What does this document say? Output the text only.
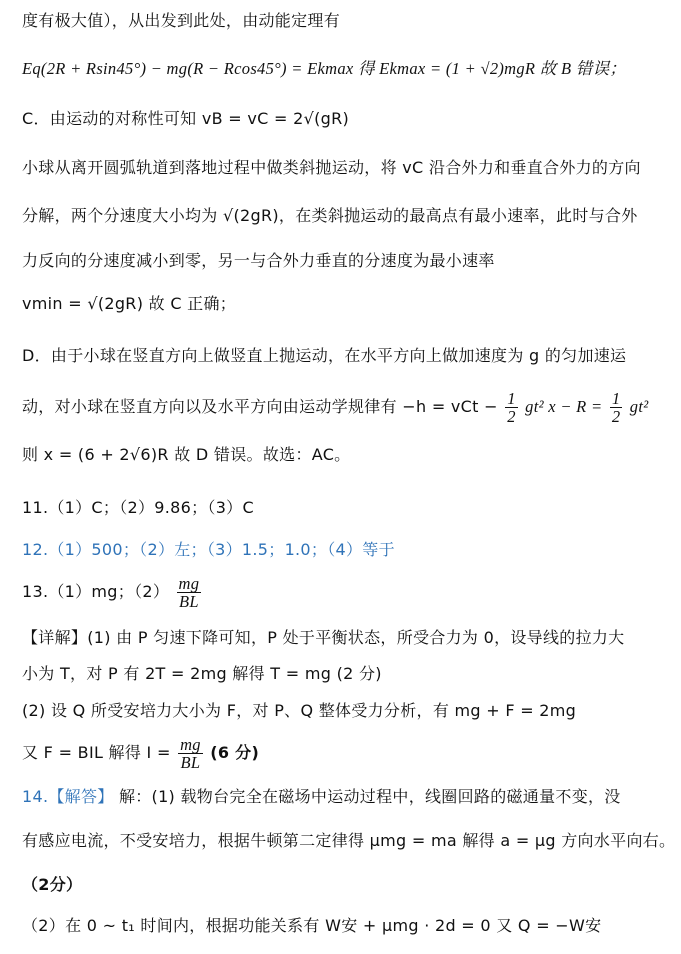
度有极大值），从出发到此处，由动能定理有
Eq(2R + Rsin45°) − mg(R − Rcos45°) = Ekmax 得 Ekmax = (1 + √2)mgR 故 B 错误；
C．由运动的对称性可知 vB = vC = 2√(gR)
小球从离开圆弧轨道到落地过程中做类斜抛运动，将 vC 沿合外力和垂直合外力的方向
分解，两个分速度大小均为 √(2gR)，在类斜抛运动的最高点有最小速率，此时与合外
力反向的分速度减小到零，另一与合外力垂直的分速度为最小速率
vmin = √(2gR) 故 C 正确；
D．由于小球在竖直方向上做竖直上抛运动，在水平方向上做加速度为 g 的匀加速运
动，对小球在竖直方向以及水平方向由运动学规律有 −h = vCt − $\frac{1}{2} gt^2$ $x - R = \frac{1}{2} gt^2$
则 x = (6 + 2√6)R 故 D 错误。故选：AC。
11.（1）C；（2）9.86；（3）C
12.（1）500；（2）左；（3）1.5；1.0；（4）等于
13.（1）mg；$(2) \frac{mg}{BL}$
【详解】(1) 由 P 匀速下降可知，P 处于平衡状态，所受合力为 0，设导线的拉力大
小为 T，对 P 有 2T = 2mg 解得 T = mg (2 分)
(2) 设 Q 所受安培力大小为 F，对 P、Q 整体受力分析，有 mg + F = 2mg
又 F = BIL 解得 $I = \frac{mg}{BL} (6$ 分)
14.【解答】 解：(1) 载物台完全在磁场中运动过程中，线圈回路的磁通量不变，没
有感应电流，不受安培力，根据牛顿第二定律得 μmg = ma 解得 a = μg 方向水平向右。
（2分）
（2）在 0 ~ t₁ 时间内，根据功能关系有 W安 + μmg · 2d = 0 又 Q = −W安
